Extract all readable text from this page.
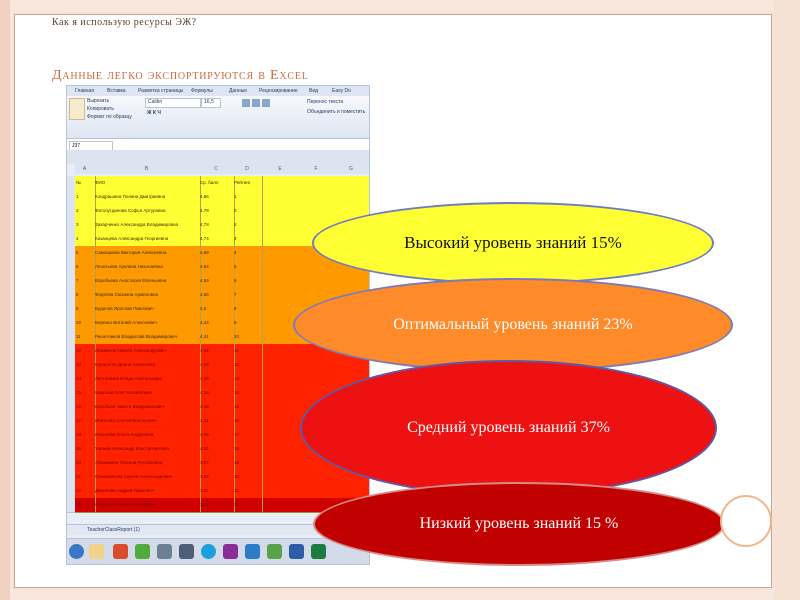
Как я использую ресурсы ЭЖ?
Данные легко экспортируются в Excel
Главная	Вставка Разметка страницы Формулы	Данные Рецензирование Вид	Easy Do
Вырезать
Копировать
Формат по образцу
Calibri	16,5
Ж К Ч
Перенос текста
Объединить и поместить
J37
A	B	C	D	E	F	G
№	ФИО	Ср. балл	Рейтинг
1	Кондрашина Полина Дмитриевна	4,86	1
2	Фатхоутдинова Софья Артуровна	4,78	2
3	Захарченко Александра Владимировна	4,78	2
4	Казанцева Александра Георгиевна	4,74	3
5	Самощкина Виктория Алексеевна	4,69	4
6	Леонтьева Арелина Николаевна	4,64	5
7	Воробьева Анастасия Евгеньевна	4,59	6
8	Фадеева Сюзанна Арменовна	4,56	7
9	Будилов Ярослав Павлович	4,5	8
10	Березко Виталий Алексеевич	4,44	9
11	Решетников Владислав Владимирович	4,41	10
12	Исмаилов Никита Александрович	4,34	11
13	Карапетян Диана Араиковна	4,29	12
14	Ласточкина Влада Анатольевна	4,26	13
15	Широков Олег Михайлович	4,18	14
16	Воробьев Никита Владимирович	4,15	15
17	Ипатьева Сергей Викторович	4,11	16
18	Ильичева Ольга Андреевна	4,05	17
19	Ушаков Александр Константинович	4,02	18
20	Абрамкина Татьяна Руслановна	3,97	19
21	Овчинникова Сергей Александрович	3,94	20
22	Данилова Андрей Павлович	3,91	21
23	Сорокина Елена Николаевна	3,85	22
TeacherClassReport (1)
Высокий уровень знаний 15%
Оптимальный уровень знаний 23%
Средний уровень знаний 37%
Низкий уровень знаний 15 %
